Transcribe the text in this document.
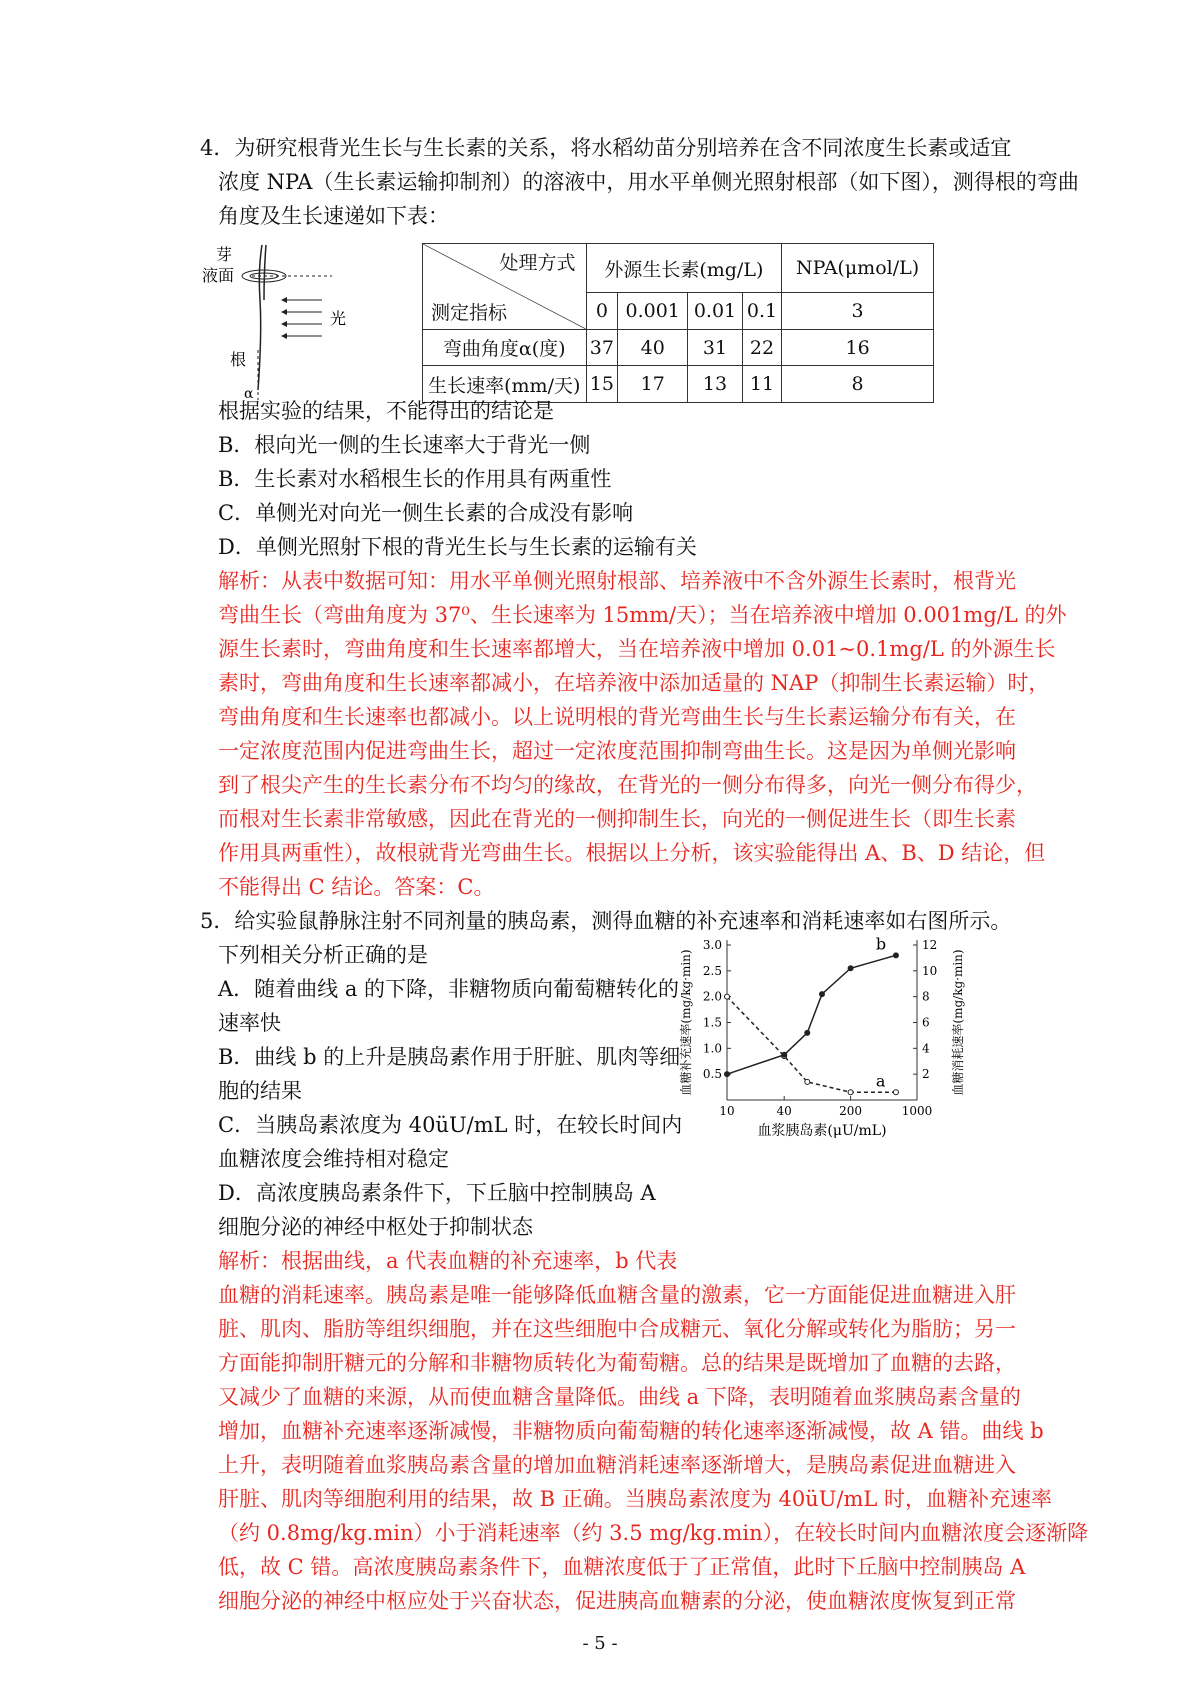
4．为研究根背光生长与生长素的关系，将水稻幼苗分别培养在含不同浓度生长素或适宜
浓度 NPA（生长素运输抑制剂）的溶液中，用水平单侧光照射根部（如下图），测得根的弯曲
角度及生长速递如下表：
芽
液面
光
根
α
处理方式
测定指标	外源生长素(mg/L)				NPA(μmol/L)
	0	0.001	0.01	0.1	3
弯曲角度α(度)	37	40	31	22	16
生长速率(mm/天)	15	17	13	11	8
根据实验的结果，不能得出的结论是
B．根向光一侧的生长速率大于背光一侧
B．生长素对水稻根生长的作用具有两重性
C．单侧光对向光一侧生长素的合成没有影响
D．单侧光照射下根的背光生长与生长素的运输有关
解析：从表中数据可知：用水平单侧光照射根部、培养液中不含外源生长素时，根背光
弯曲生长（弯曲角度为 37⁰、生长速率为 15mm/天）；当在培养液中增加 0.001mg/L 的外
源生长素时，弯曲角度和生长速率都增大，当在培养液中增加 0.01~0.1mg/L 的外源生长
素时，弯曲角度和生长速率都减小，在培养液中添加适量的 NAP（抑制生长素运输）时，
弯曲角度和生长速率也都减小。以上说明根的背光弯曲生长与生长素运输分布有关，在
一定浓度范围内促进弯曲生长，超过一定浓度范围抑制弯曲生长。这是因为单侧光影响
到了根尖产生的生长素分布不均匀的缘故，在背光的一侧分布得多，向光一侧分布得少，
而根对生长素非常敏感，因此在背光的一侧抑制生长，向光的一侧促进生长（即生长素
作用具两重性），故根就背光弯曲生长。根据以上分析，该实验能得出 A、B、D 结论，但
不能得出 C 结论。答案：C。
5．给实验鼠静脉注射不同剂量的胰岛素，测得血糖的补充速率和消耗速率如右图所示。
下列相关分析正确的是
A．随着曲线 a 的下降，非糖物质向葡萄糖转化的
速率快
B．曲线 b 的上升是胰岛素作用于肝脏、肌肉等细
胞的结果
C．当胰岛素浓度为 40üU/mL 时，在较长时间内
血糖浓度会维持相对稳定
D．高浓度胰岛素条件下，下丘脑中控制胰岛 A
细胞分泌的神经中枢处于抑制状态
10	40	200	1000
0.5
1.0
1.5
2.0
2.5
3.0
2
4
6
8
10
12
a
b
血浆胰岛素(μU/mL)
血糖补充速率(mg/kg·min)	血糖消耗速率(mg/kg·min)
解析：根据曲线，a 代表血糖的补充速率，b 代表
血糖的消耗速率。胰岛素是唯一能够降低血糖含量的激素，它一方面能促进血糖进入肝
脏、肌肉、脂肪等组织细胞，并在这些细胞中合成糖元、氧化分解或转化为脂肪；另一
方面能抑制肝糖元的分解和非糖物质转化为葡萄糖。总的结果是既增加了血糖的去路，
又减少了血糖的来源，从而使血糖含量降低。曲线 a 下降，表明随着血浆胰岛素含量的
增加，血糖补充速率逐渐减慢，非糖物质向葡萄糖的转化速率逐渐减慢，故 A 错。曲线 b
上升，表明随着血浆胰岛素含量的增加血糖消耗速率逐渐增大，是胰岛素促进血糖进入
肝脏、肌肉等细胞利用的结果，故 B 正确。当胰岛素浓度为 40üU/mL 时，血糖补充速率
（约 0.8mg/kg.min）小于消耗速率（约 3.5 mg/kg.min），在较长时间内血糖浓度会逐渐降
低，故 C 错。高浓度胰岛素条件下，血糖浓度低于了正常值，此时下丘脑中控制胰岛 A
细胞分泌的神经中枢应处于兴奋状态，促进胰高血糖素的分泌，使血糖浓度恢复到正常
- 5 -
